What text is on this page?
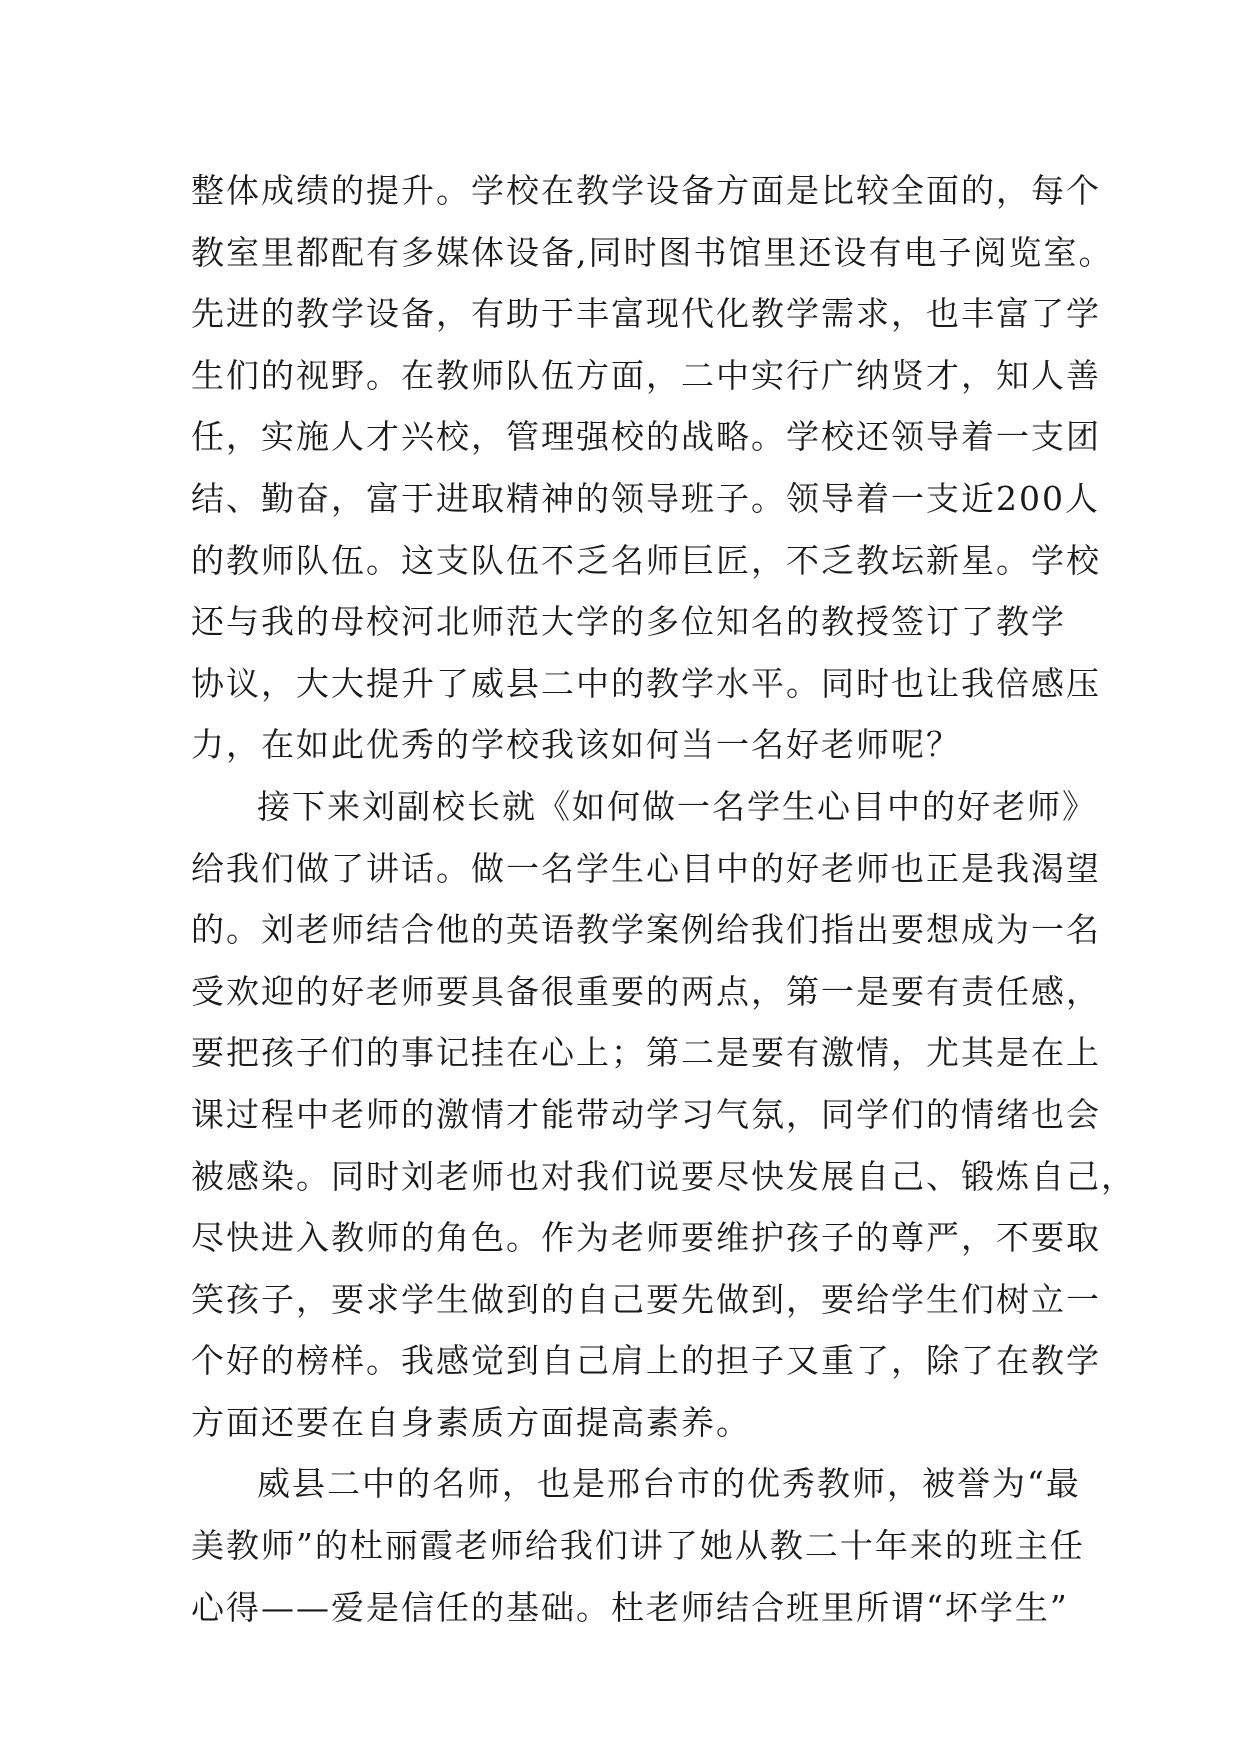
整体成绩的提升。学校在教学设备方面是比较全面的，每个
教室里都配有多媒体设备,同时图书馆里还设有电子阅览室。
先进的教学设备，有助于丰富现代化教学需求，也丰富了学
生们的视野。在教师队伍方面，二中实行广纳贤才，知人善
任，实施人才兴校，管理强校的战略。学校还领导着一支团
结、勤奋，富于进取精神的领导班子。领导着一支近200人
的教师队伍。这支队伍不乏名师巨匠，不乏教坛新星。学校
还与我的母校河北师范大学的多位知名的教授签订了教学
协议，大大提升了威县二中的教学水平。同时也让我倍感压
力，在如此优秀的学校我该如何当一名好老师呢？
接下来刘副校长就《如何做一名学生心目中的好老师》
给我们做了讲话。做一名学生心目中的好老师也正是我渴望
的。刘老师结合他的英语教学案例给我们指出要想成为一名
受欢迎的好老师要具备很重要的两点，第一是要有责任感，
要把孩子们的事记挂在心上；第二是要有激情，尤其是在上
课过程中老师的激情才能带动学习气氛，同学们的情绪也会
被感染。同时刘老师也对我们说要尽快发展自己、锻炼自己，
尽快进入教师的角色。作为老师要维护孩子的尊严，不要取
笑孩子，要求学生做到的自己要先做到，要给学生们树立一
个好的榜样。我感觉到自己肩上的担子又重了，除了在教学
方面还要在自身素质方面提高素养。
威县二中的名师，也是邢台市的优秀教师，被誉为“最
美教师”的杜丽霞老师给我们讲了她从教二十年来的班主任
心得——爱是信任的基础。杜老师结合班里所谓“坏学生”
